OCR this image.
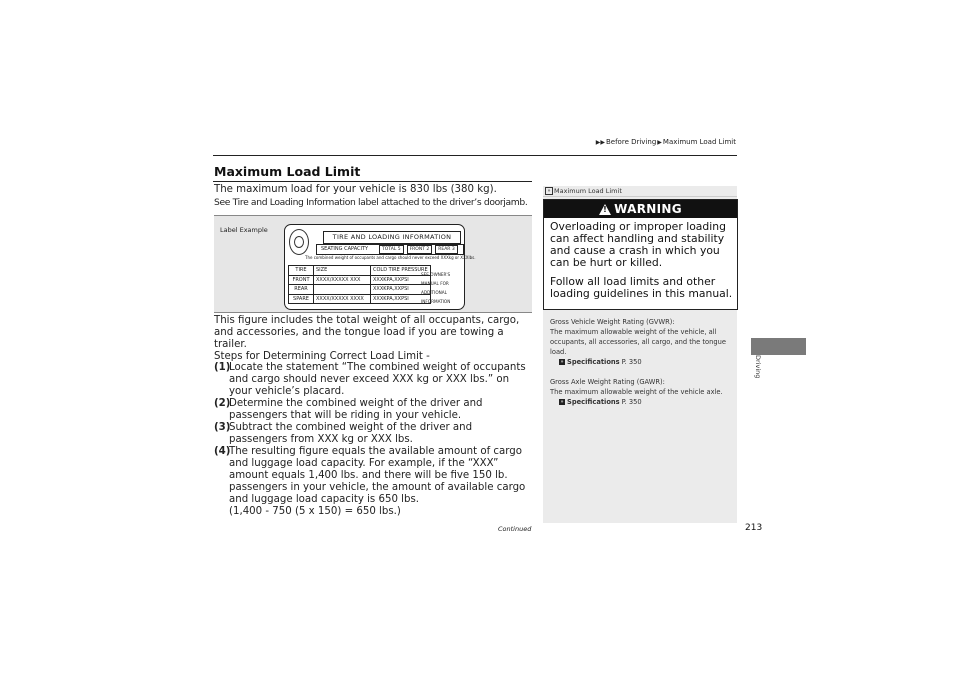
▶▶ Before Driving ▶ Maximum Load Limit
Maximum Load Limit
The maximum load for your vehicle is 830 lbs (380 kg).
See Tire and Loading Information label attached to the driver’s doorjamb.
Label Example
TIRE AND LOADING INFORMATION
SEATING CAPACITY	TOTAL 5	FRONT 2	REAR 3
The combined weight of occupants and cargo should never exceed XXXkg or XXXlbs.
TIRE	SIZE	COLD TIRE PRESSURE
FRONT	XXXX/XXXXX XXX	XXXKPA,XXPSI
REAR		XXXKPA,XXPSI
SPARE	XXXX/XXXXX XXXX	XXXKPA,XXPSI
SEE OWNER'S
MANUAL FOR
ADDITIONAL
INFORMATION
This figure includes the total weight of all occupants, cargo, and accessories, and the tongue load if you are towing a trailer.
Steps for Determining Correct Load Limit -
(1)
Locate the statement “The combined weight of occupants and cargo should never exceed XXX kg or XXX lbs.” on your vehicle’s placard.
(2)
Determine the combined weight of the driver and passengers that will be riding in your vehicle.
(3)
Subtract the combined weight of the driver and passengers from XXX kg or XXX lbs.
(4)
The resulting figure equals the available amount of cargo and luggage load capacity. For example, if the “XXX” amount equals 1,400 lbs. and there will be five 150 lb. passengers in your vehicle, the amount of available cargo and luggage load capacity is 650 lbs.
(1,400 - 750 (5 x 150) = 650 lbs.)
Continued
» Maximum Load Limit
!
WARNING
Overloading or improper loading can affect handling and stability and cause a crash in which you can be hurt or killed.
Follow all load limits and other loading guidelines in this manual.
Gross Vehicle Weight Rating (GVWR):
The maximum allowable weight of the vehicle, all occupants, all accessories, all cargo, and the tongue load.
» Specifications P. 350
Gross Axle Weight Rating (GAWR):
The maximum allowable weight of the vehicle axle.
» Specifications P. 350
Driving
213
